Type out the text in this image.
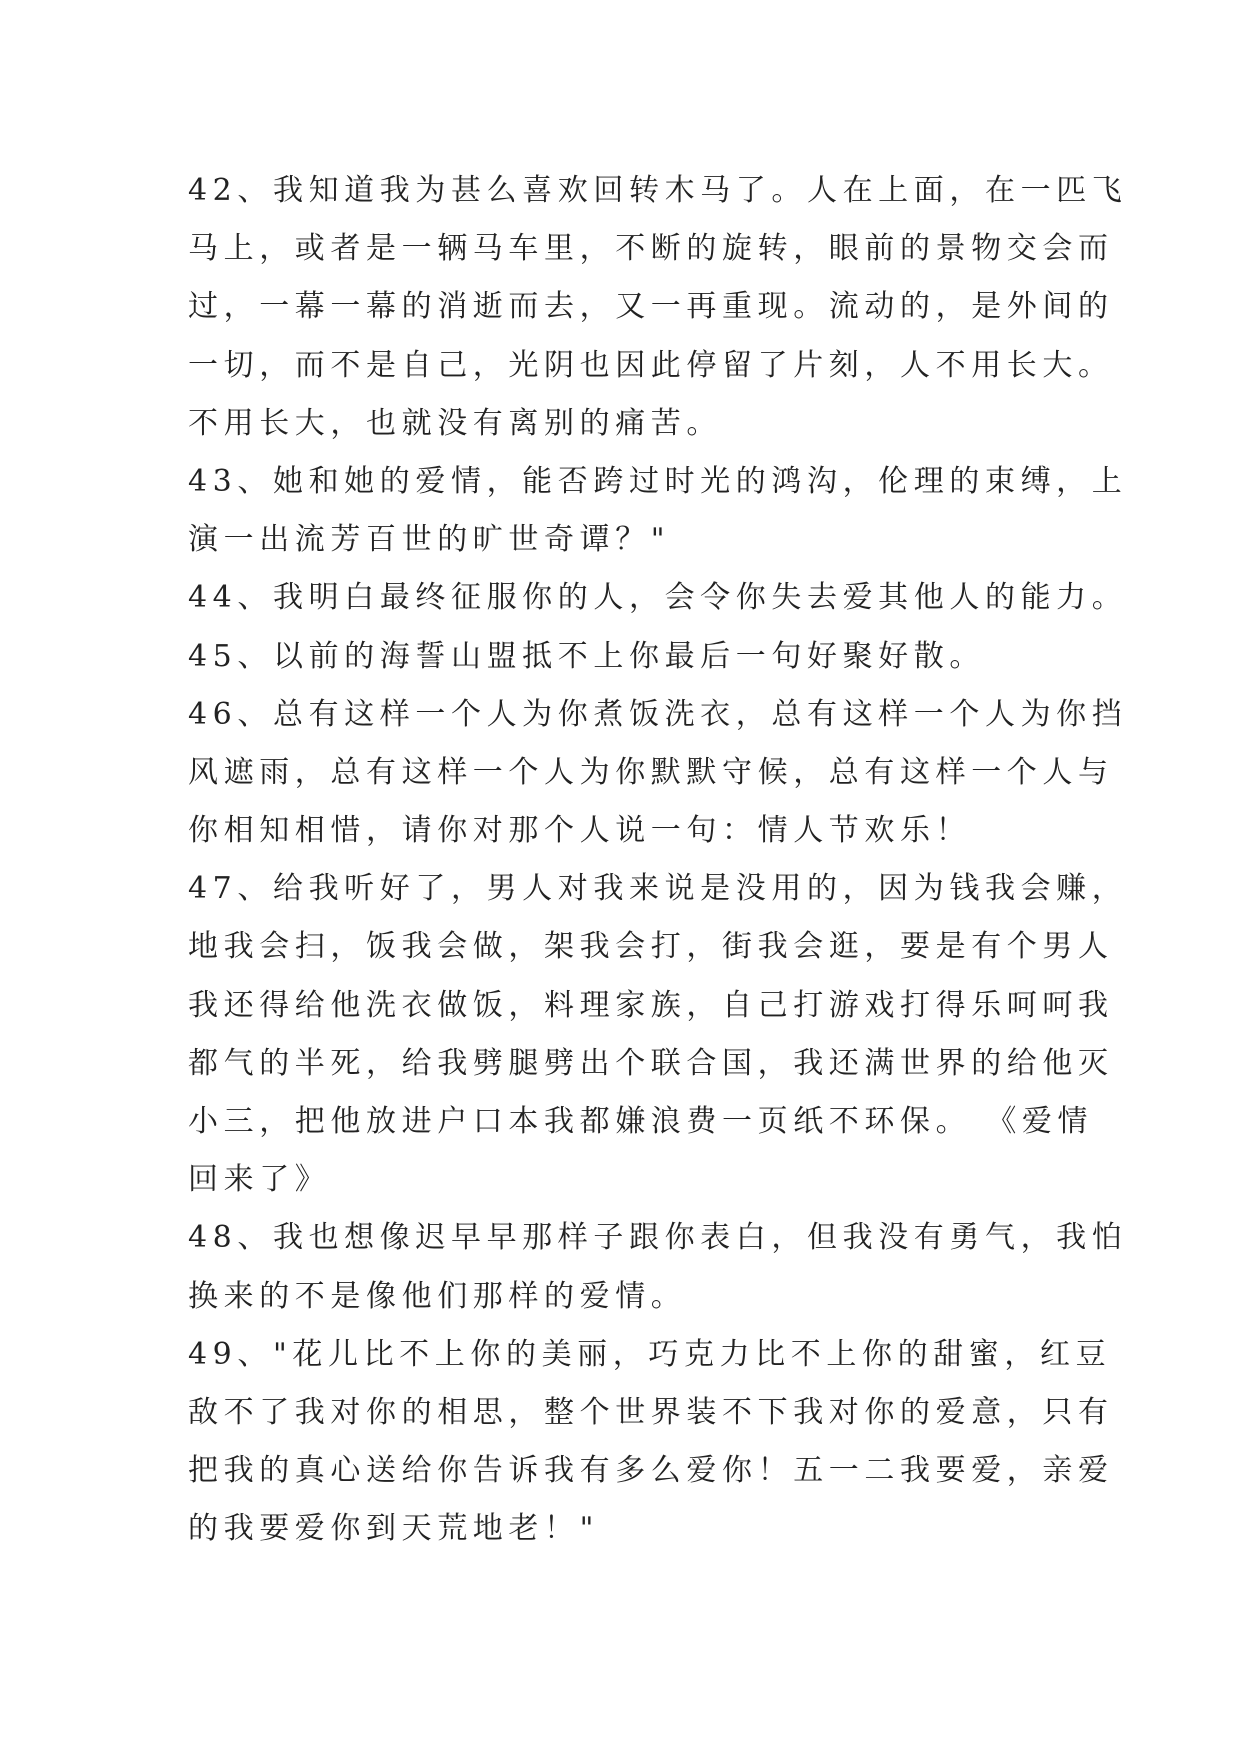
42、我知道我为甚么喜欢回转木马了。人在上面，在一匹飞
马上，或者是一辆马车里，不断的旋转，眼前的景物交会而
过，一幕一幕的消逝而去，又一再重现。流动的，是外间的
一切，而不是自己，光阴也因此停留了片刻，人不用长大。
不用长大，也就没有离别的痛苦。
43、她和她的爱情，能否跨过时光的鸿沟，伦理的束缚，上
演一出流芳百世的旷世奇谭？"
44、我明白最终征服你的人，会令你失去爱其他人的能力。
45、以前的海誓山盟抵不上你最后一句好聚好散。
46、总有这样一个人为你煮饭洗衣，总有这样一个人为你挡
风遮雨，总有这样一个人为你默默守候，总有这样一个人与
你相知相惜，请你对那个人说一句：情人节欢乐！
47、给我听好了，男人对我来说是没用的，因为钱我会赚，
地我会扫，饭我会做，架我会打，街我会逛，要是有个男人
我还得给他洗衣做饭，料理家族，自己打游戏打得乐呵呵我
都气的半死，给我劈腿劈出个联合国，我还满世界的给他灭
小三，把他放进户口本我都嫌浪费一页纸不环保。 《爱情
回来了》
48、我也想像迟早早那样子跟你表白，但我没有勇气，我怕
换来的不是像他们那样的爱情。
49、"花儿比不上你的美丽，巧克力比不上你的甜蜜，红豆
敌不了我对你的相思，整个世界装不下我对你的爱意，只有
把我的真心送给你告诉我有多么爱你！五一二我要爱，亲爱
的我要爱你到天荒地老！"
